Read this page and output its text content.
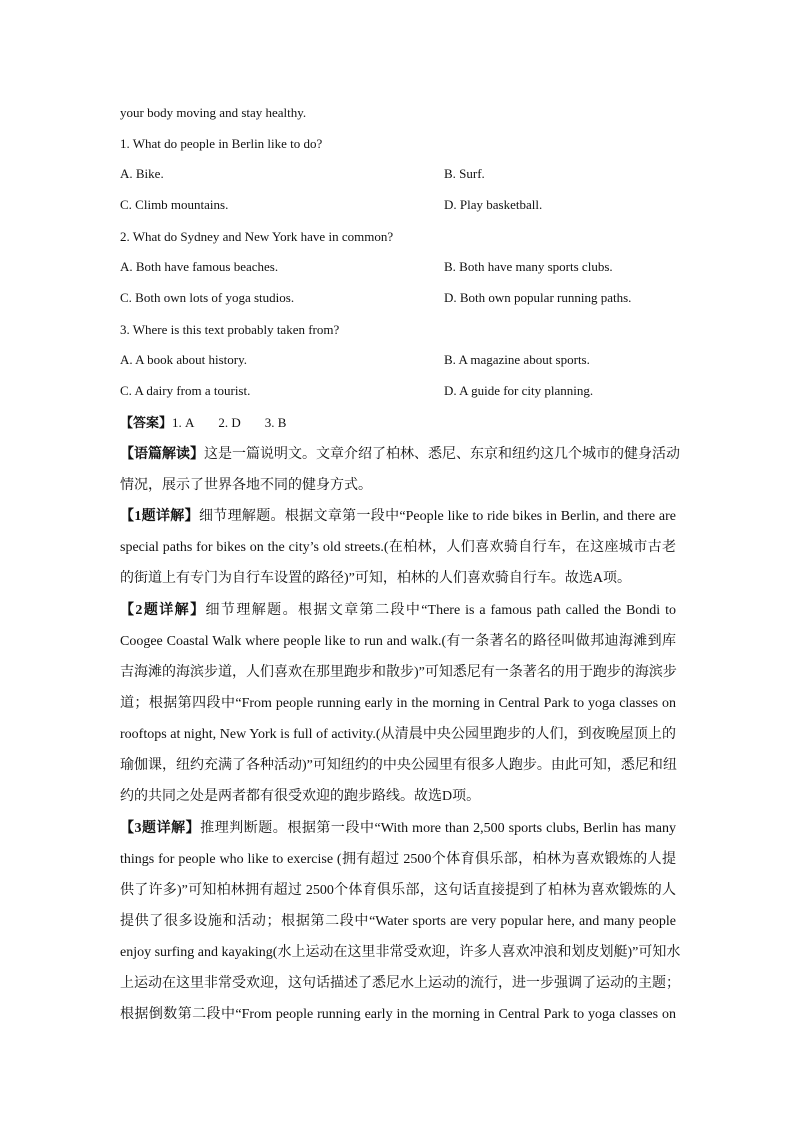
your body moving and stay healthy.
1. What do people in Berlin like to do?
A. Bike.	B. Surf.
C. Climb mountains.	D. Play basketball.
2. What do Sydney and New York have in common?
A. Both have famous beaches.	B. Both have many sports clubs.
C. Both own lots of yoga studios.	D. Both own popular running paths.
3. Where is this text probably taken from?
A. A book about history.	B. A magazine about sports.
C. A dairy from a tourist.	D. A guide for city planning.
【答案】1. A 2. D 3. B
【语篇解读】这是一篇说明文。文章介绍了柏林、悉尼、东京和纽约这几个城市的健身活动
情况，展示了世界各地不同的健身方式。
【1题详解】细节理解题。根据文章第一段中“People like to ride bikes in Berlin, and there are
special paths for bikes on the city’s old streets.(在柏林，人们喜欢骑自行车，在这座城市古老
的街道上有专门为自行车设置的路径)”可知，柏林的人们喜欢骑自行车。故选A项。
【2题详解】细节理解题。根据文章第二段中“There is a famous path called the Bondi to
Coogee Coastal Walk where people like to run and walk.(有一条著名的路径叫做邦迪海滩到库
吉海滩的海滨步道，人们喜欢在那里跑步和散步)”可知悉尼有一条著名的用于跑步的海滨步
道；根据第四段中“From people running early in the morning in Central Park to yoga classes on
rooftops at night, New York is full of activity.(从清晨中央公园里跑步的人们，到夜晚屋顶上的
瑜伽课，纽约充满了各种活动)”可知纽约的中央公园里有很多人跑步。由此可知，悉尼和纽
约的共同之处是两者都有很受欢迎的跑步路线。故选D项。
【3题详解】推理判断题。根据第一段中“With more than 2,500 sports clubs, Berlin has many
things for people who like to exercise (拥有超过 2500个体育俱乐部，柏林为喜欢锻炼的人提
供了许多)”可知柏林拥有超过 2500个体育俱乐部，这句话直接提到了柏林为喜欢锻炼的人
提供了很多设施和活动；根据第二段中“Water sports are very popular here, and many people
enjoy surfing and kayaking(水上运动在这里非常受欢迎，许多人喜欢冲浪和划皮划艇)”可知水
上运动在这里非常受欢迎，这句话描述了悉尼水上运动的流行，进一步强调了运动的主题；
根据倒数第二段中“From people running early in the morning in Central Park to yoga classes on
